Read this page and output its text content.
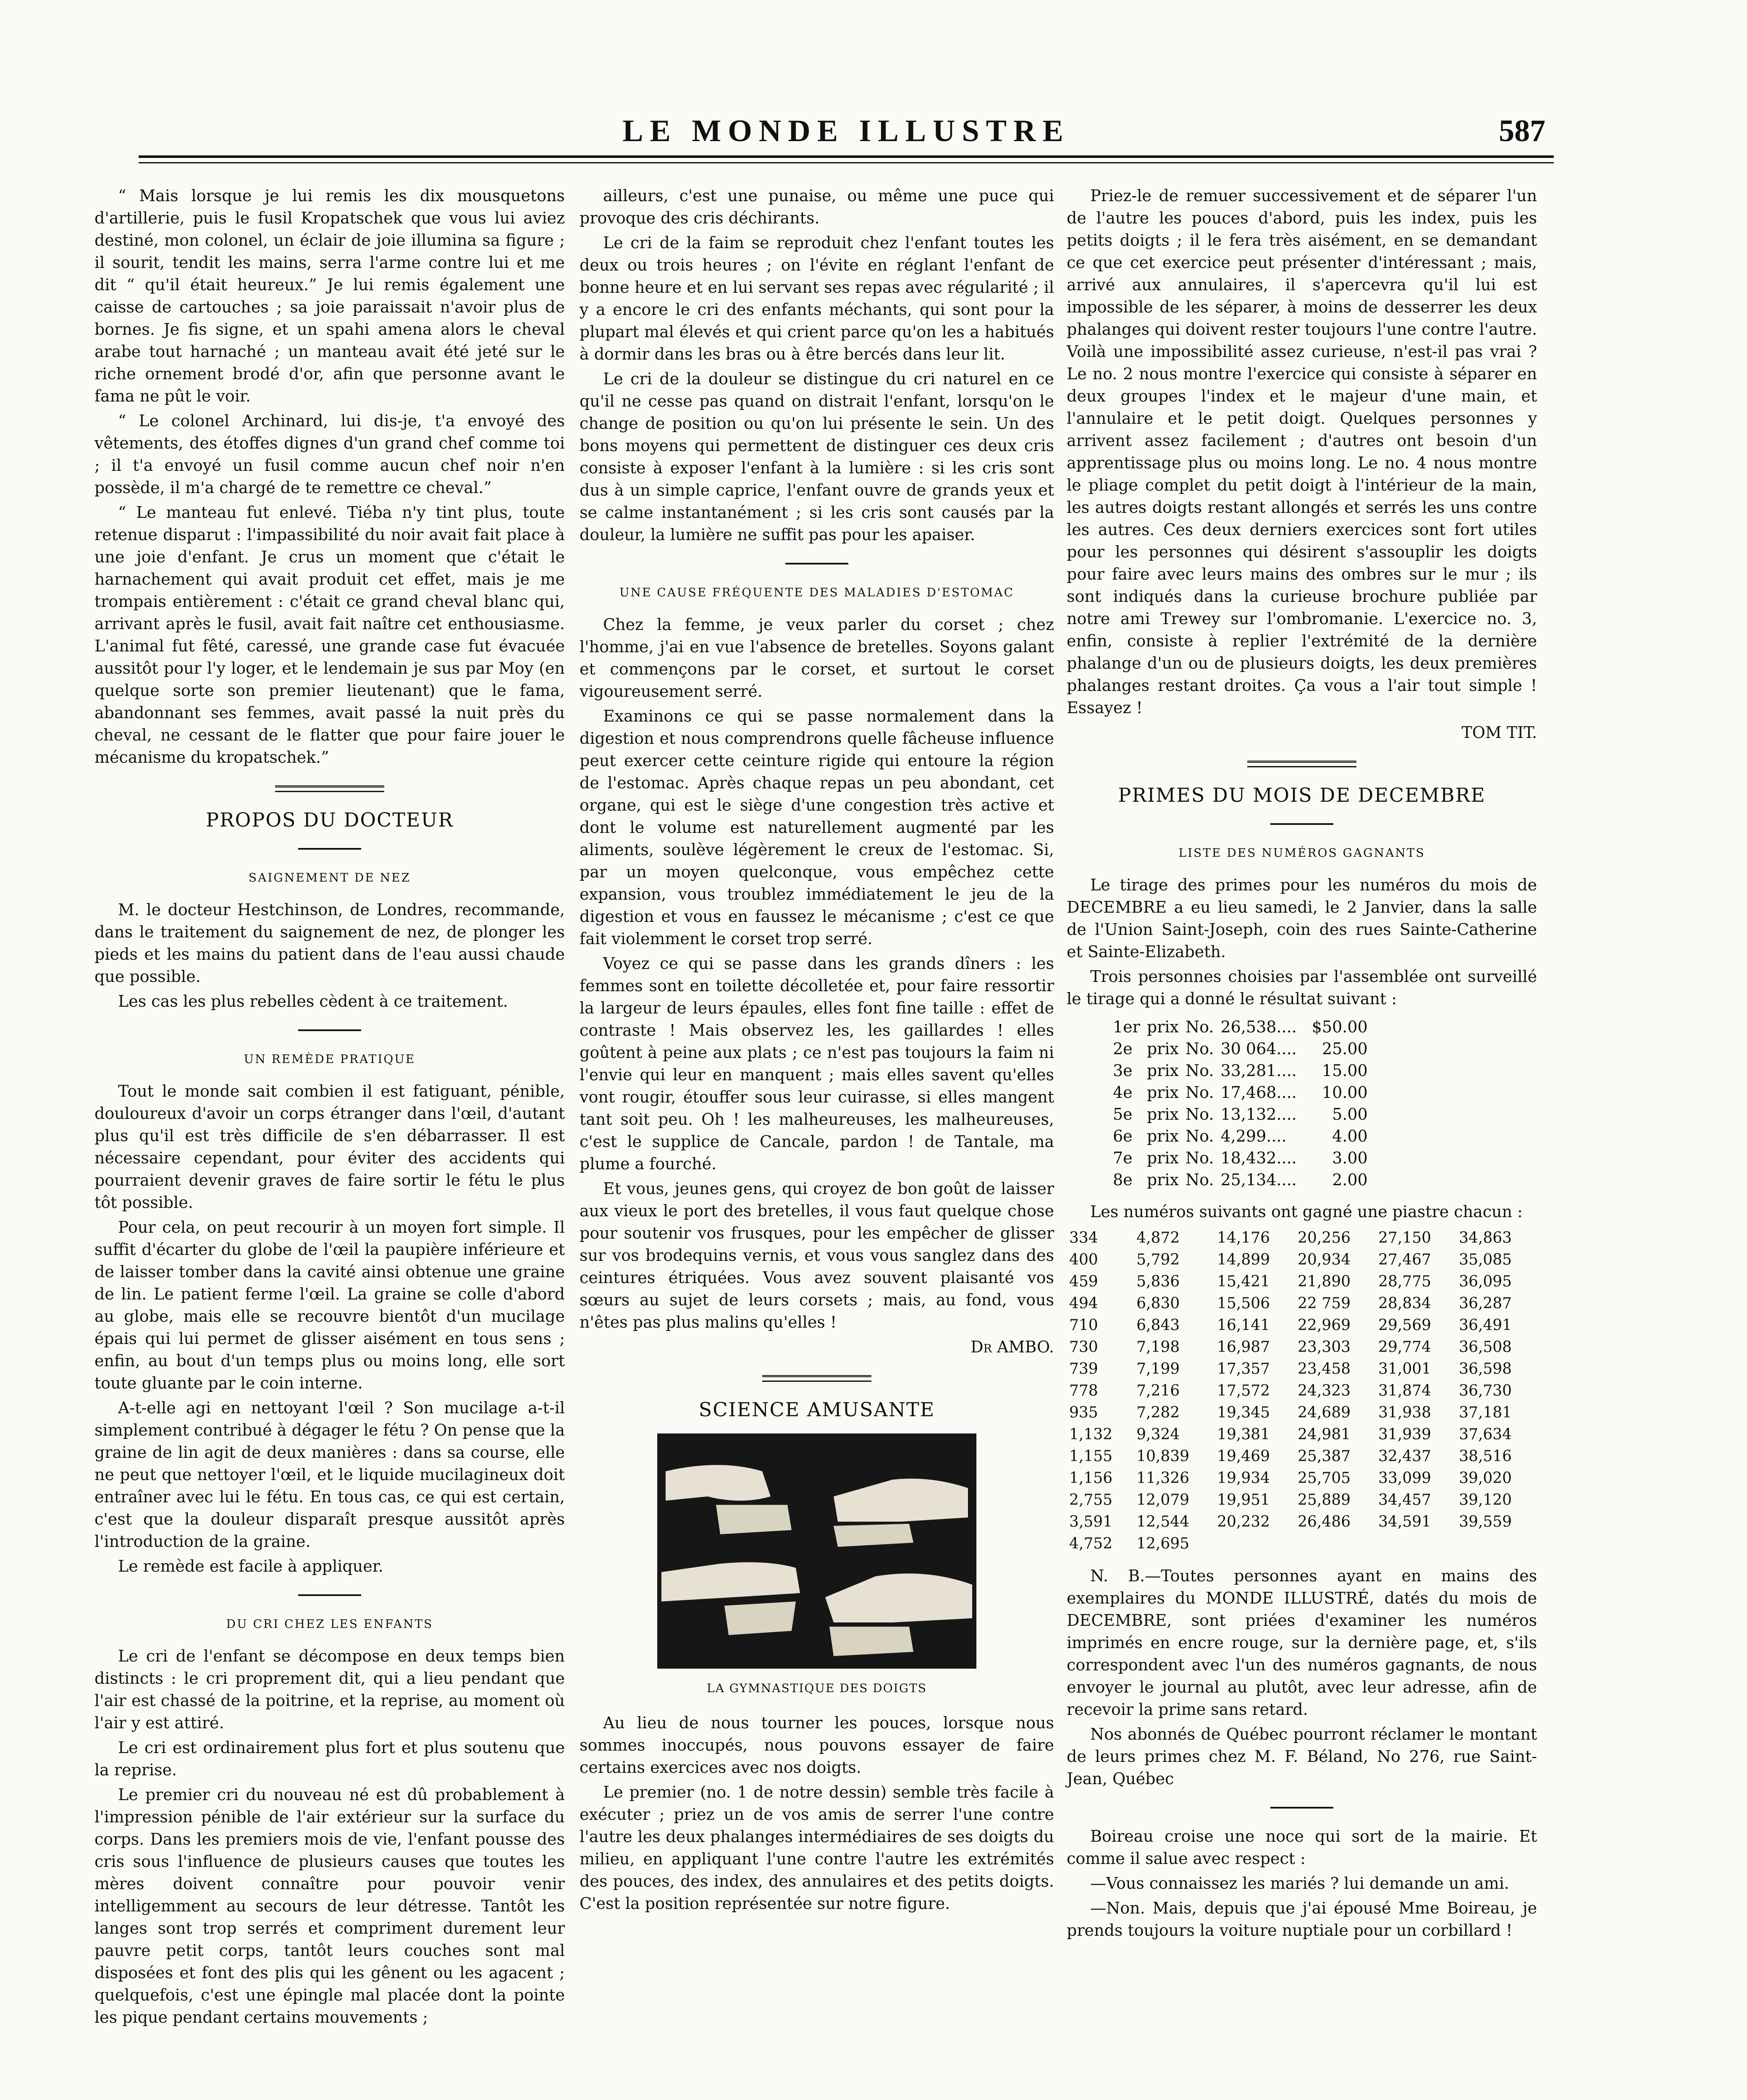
LE MONDE ILLUSTRE	587

“ Mais lorsque je lui remis les dix mousquetons d'artillerie, puis le fusil Kropatschek que vous lui aviez destiné, mon colonel, un éclair de joie illumina sa figure ; il sourit, tendit les mains, serra l'arme contre lui et me dit “ qu'il était heureux.” Je lui remis également une caisse de cartouches ; sa joie paraissait n'avoir plus de bornes. Je fis signe, et un spahi amena alors le cheval arabe tout harnaché ; un manteau avait été jeté sur le riche ornement brodé d'or, afin que personne avant le fama ne pût le voir.

“ Le colonel Archinard, lui dis-je, t'a envoyé des vêtements, des étoffes dignes d'un grand chef comme toi ; il t'a envoyé un fusil comme aucun chef noir n'en possède, il m'a chargé de te remettre ce cheval.”

“ Le manteau fut enlevé. Tiéba n'y tint plus, toute retenue disparut : l'impassibilité du noir avait fait place à une joie d'enfant. Je crus un moment que c'était le harnachement qui avait produit cet effet, mais je me trompais entièrement : c'était ce grand cheval blanc qui, arrivant après le fusil, avait fait naître cet enthousiasme. L'animal fut fêté, caressé, une grande case fut évacuée aussitôt pour l'y loger, et le lendemain je sus par Moy (en quelque sorte son premier lieutenant) que le fama, abandonnant ses femmes, avait passé la nuit près du cheval, ne cessant de le flatter que pour faire jouer le mécanisme du kropatschek.”

PROPOS DU DOCTEUR
SAIGNEMENT DE NEZ

M. le docteur Hestchinson, de Londres, recommande, dans le traitement du saignement de nez, de plonger les pieds et les mains du patient dans de l'eau aussi chaude que possible.

Les cas les plus rebelles cèdent à ce traitement.

UN REMÈDE PRATIQUE

Tout le monde sait combien il est fatiguant, pénible, douloureux d'avoir un corps étranger dans l'œil, d'autant plus qu'il est très difficile de s'en débarrasser. Il est nécessaire cependant, pour éviter des accidents qui pourraient devenir graves de faire sortir le fétu le plus tôt possible.

Pour cela, on peut recourir à un moyen fort simple. Il suffit d'écarter du globe de l'œil la paupière inférieure et de laisser tomber dans la cavité ainsi obtenue une graine de lin. Le patient ferme l'œil. La graine se colle d'abord au globe, mais elle se recouvre bientôt d'un mucilage épais qui lui permet de glisser aisément en tous sens ; enfin, au bout d'un temps plus ou moins long, elle sort toute gluante par le coin interne.

A-t-elle agi en nettoyant l'œil ? Son mucilage a-t-il simplement contribué à dégager le fétu ? On pense que la graine de lin agit de deux manières : dans sa course, elle ne peut que nettoyer l'œil, et le liquide mucilagineux doit entraîner avec lui le fétu. En tous cas, ce qui est certain, c'est que la douleur disparaît presque aussitôt après l'introduction de la graine.

Le remède est facile à appliquer.

DU CRI CHEZ LES ENFANTS

Le cri de l'enfant se décompose en deux temps bien distincts : le cri proprement dit, qui a lieu pendant que l'air est chassé de la poitrine, et la reprise, au moment où l'air y est attiré.

Le cri est ordinairement plus fort et plus soutenu que la reprise.

Le premier cri du nouveau né est dû probablement à l'impression pénible de l'air extérieur sur la surface du corps. Dans les premiers mois de vie, l'enfant pousse des cris sous l'influence de plusieurs causes que toutes les mères doivent connaître pour pouvoir venir intelligemment au secours de leur détresse. Tantôt les langes sont trop serrés et compriment durement leur pauvre petit corps, tantôt leurs couches sont mal disposées et font des plis qui les gênent ou les agacent ; quelquefois, c'est une épingle mal placée dont la pointe les pique pendant certains mouvements ;

ailleurs, c'est une punaise, ou même une puce qui provoque des cris déchirants.

Le cri de la faim se reproduit chez l'enfant toutes les deux ou trois heures ; on l'évite en réglant l'enfant de bonne heure et en lui servant ses repas avec régularité ; il y a encore le cri des enfants méchants, qui sont pour la plupart mal élevés et qui crient parce qu'on les a habitués à dormir dans les bras ou à être bercés dans leur lit.

Le cri de la douleur se distingue du cri naturel en ce qu'il ne cesse pas quand on distrait l'enfant, lorsqu'on le change de position ou qu'on lui présente le sein. Un des bons moyens qui permettent de distinguer ces deux cris consiste à exposer l'enfant à la lumière : si les cris sont dus à un simple caprice, l'enfant ouvre de grands yeux et se calme instantanément ; si les cris sont causés par la douleur, la lumière ne suffit pas pour les apaiser.

UNE CAUSE FRÉQUENTE DES MALADIES D'ESTOMAC

Chez la femme, je veux parler du corset ; chez l'homme, j'ai en vue l'absence de bretelles. Soyons galant et commençons par le corset, et surtout le corset vigoureusement serré.

Examinons ce qui se passe normalement dans la digestion et nous comprendrons quelle fâcheuse influence peut exercer cette ceinture rigide qui entoure la région de l'estomac. Après chaque repas un peu abondant, cet organe, qui est le siège d'une congestion très active et dont le volume est naturellement augmenté par les aliments, soulève légèrement le creux de l'estomac. Si, par un moyen quelconque, vous empêchez cette expansion, vous troublez immédiatement le jeu de la digestion et vous en faussez le mécanisme ; c'est ce que fait violemment le corset trop serré.

Voyez ce qui se passe dans les grands dîners : les femmes sont en toilette décolletée et, pour faire ressortir la largeur de leurs épaules, elles font fine taille : effet de contraste ! Mais observez les, les gaillardes ! elles goûtent à peine aux plats ; ce n'est pas toujours la faim ni l'envie qui leur en manquent ; mais elles savent qu'elles vont rougir, étouffer sous leur cuirasse, si elles mangent tant soit peu. Oh ! les malheureuses, les malheureuses, c'est le supplice de Cancale, pardon ! de Tantale, ma plume a fourché.

Et vous, jeunes gens, qui croyez de bon goût de laisser aux vieux le port des bretelles, il vous faut quelque chose pour soutenir vos frusques, pour les empêcher de glisser sur vos brodequins vernis, et vous vous sanglez dans des ceintures étriquées. Vous avez souvent plaisanté vos sœurs au sujet de leurs corsets ; mais, au fond, vous n'êtes pas plus malins qu'elles !

Dr AMBO.
SCIENCE AMUSANTE
LA GYMNASTIQUE DES DOIGTS

Au lieu de nous tourner les pouces, lorsque nous sommes inoccupés, nous pouvons essayer de faire certains exercices avec nos doigts.

Le premier (no. 1 de notre dessin) semble très facile à exécuter ; priez un de vos amis de serrer l'une contre l'autre les deux phalanges intermédiaires de ses doigts du milieu, en appliquant l'une contre l'autre les extrémités des pouces, des index, des annulaires et des petits doigts. C'est la position représentée sur notre figure.

Priez-le de remuer successivement et de séparer l'un de l'autre les pouces d'abord, puis les index, puis les petits doigts ; il le fera très aisément, en se demandant ce que cet exercice peut présenter d'intéressant ; mais, arrivé aux annulaires, il s'apercevra qu'il lui est impossible de les séparer, à moins de desserrer les deux phalanges qui doivent rester toujours l'une contre l'autre. Voilà une impossibilité assez curieuse, n'est-il pas vrai ? Le no. 2 nous montre l'exercice qui consiste à séparer en deux groupes l'index et le majeur d'une main, et l'annulaire et le petit doigt. Quelques personnes y arrivent assez facilement ; d'autres ont besoin d'un apprentissage plus ou moins long. Le no. 4 nous montre le pliage complet du petit doigt à l'intérieur de la main, les autres doigts restant allongés et serrés les uns contre les autres. Ces deux derniers exercices sont fort utiles pour les personnes qui désirent s'assouplir les doigts pour faire avec leurs mains des ombres sur le mur ; ils sont indiqués dans la curieuse brochure publiée par notre ami Trewey sur l'ombromanie. L'exercice no. 3, enfin, consiste à replier l'extrémité de la dernière phalange d'un ou de plusieurs doigts, les deux premières phalanges restant droites. Ça vous a l'air tout simple ! Essayez !

TOM TIT.
PRIMES DU MOIS DE DECEMBRE
LISTE DES NUMÉROS GAGNANTS

Le tirage des primes pour les numéros du mois de DECEMBRE a eu lieu samedi, le 2 Janvier, dans la salle de l'Union Saint-Joseph, coin des rues Sainte-Catherine et Sainte-Elizabeth.

Trois personnes choisies par l'assemblée ont surveillé le tirage qui a donné le résultat suivant :

1er	prix	No.	26,538....	$50.00
2e	prix	No.	30 064....	25.00
3e	prix	No.	33,281....	15.00
4e	prix	No.	17,468....	10.00
5e	prix	No.	13,132....	5.00
6e	prix	No.	4,299....	4.00
7e	prix	No.	18,432....	3.00
8e	prix	No.	25,134....	2.00

Les numéros suivants ont gagné une piastre chacun :

334	4,872	14,176	20,256	27,150	34,863
400	5,792	14,899	20,934	27,467	35,085
459	5,836	15,421	21,890	28,775	36,095
494	6,830	15,506	22 759	28,834	36,287
710	6,843	16,141	22,969	29,569	36,491
730	7,198	16,987	23,303	29,774	36,508
739	7,199	17,357	23,458	31,001	36,598
778	7,216	17,572	24,323	31,874	36,730
935	7,282	19,345	24,689	31,938	37,181
1,132	9,324	19,381	24,981	31,939	37,634
1,155	10,839	19,469	25,387	32,437	38,516
1,156	11,326	19,934	25,705	33,099	39,020
2,755	12,079	19,951	25,889	34,457	39,120
3,591	12,544	20,232	26,486	34,591	39,559
4,752	12,695				

N. B.—Toutes personnes ayant en mains des exemplaires du MONDE ILLUSTRÉ, datés du mois de DECEMBRE, sont priées d'examiner les numéros imprimés en encre rouge, sur la dernière page, et, s'ils correspondent avec l'un des numéros gagnants, de nous envoyer le journal au plutôt, avec leur adresse, afin de recevoir la prime sans retard.

Nos abonnés de Québec pourront réclamer le montant de leurs primes chez M. F. Béland, No 276, rue Saint-Jean, Québec

Boireau croise une noce qui sort de la mairie. Et comme il salue avec respect :

—Vous connaissez les mariés ? lui demande un ami.

—Non. Mais, depuis que j'ai épousé Mme Boireau, je prends toujours la voiture nuptiale pour un corbillard !
